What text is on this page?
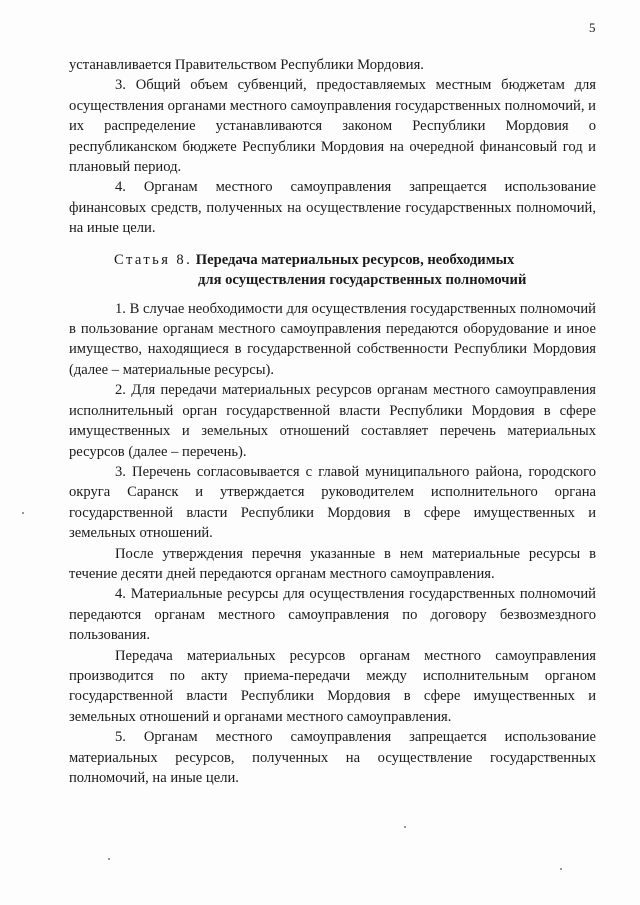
5

устанавливается Правительством Республики Мордовия.

3. Общий объем субвенций, предоставляемых местным бюджетам для осуществления органами местного самоуправления государственных полномочий, и их распределение устанавливаются законом Республики Мордовия о республиканском бюджете Республики Мордовия на очередной финансовый год и плановый период.

4. Органам местного самоуправления запрещается использование финансовых средств, полученных на осуществление государственных полномочий, на иные цели.

Статья 8. Передача материальных ресурсов, необходимых
для осуществления государственных полномочий

1. В случае необходимости для осуществления государственных полномочий в пользование органам местного самоуправления передаются оборудование и иное имущество, находящиеся в государственной собственности Республики Мордовия (далее – материальные ресурсы).

2. Для передачи материальных ресурсов органам местного самоуправления исполнительный орган государственной власти Республики Мордовия в сфере имущественных и земельных отношений составляет перечень материальных ресурсов (далее – перечень).

3. Перечень согласовывается с главой муниципального района, городского округа Саранск и утверждается руководителем исполнительного органа государственной власти Республики Мордовия в сфере имущественных и земельных отношений.

После утверждения перечня указанные в нем материальные ресурсы в течение десяти дней передаются органам местного самоуправления.

4. Материальные ресурсы для осуществления государственных полномочий передаются органам местного самоуправления по договору безвозмездного пользования.

Передача материальных ресурсов органам местного самоуправления производится по акту приема-передачи между исполнительным органом государственной власти Республики Мордовия в сфере имущественных и земельных отношений и органами местного самоуправления.

5. Органам местного самоуправления запрещается использование материальных ресурсов, полученных на осуществление государственных полномочий, на иные цели.
